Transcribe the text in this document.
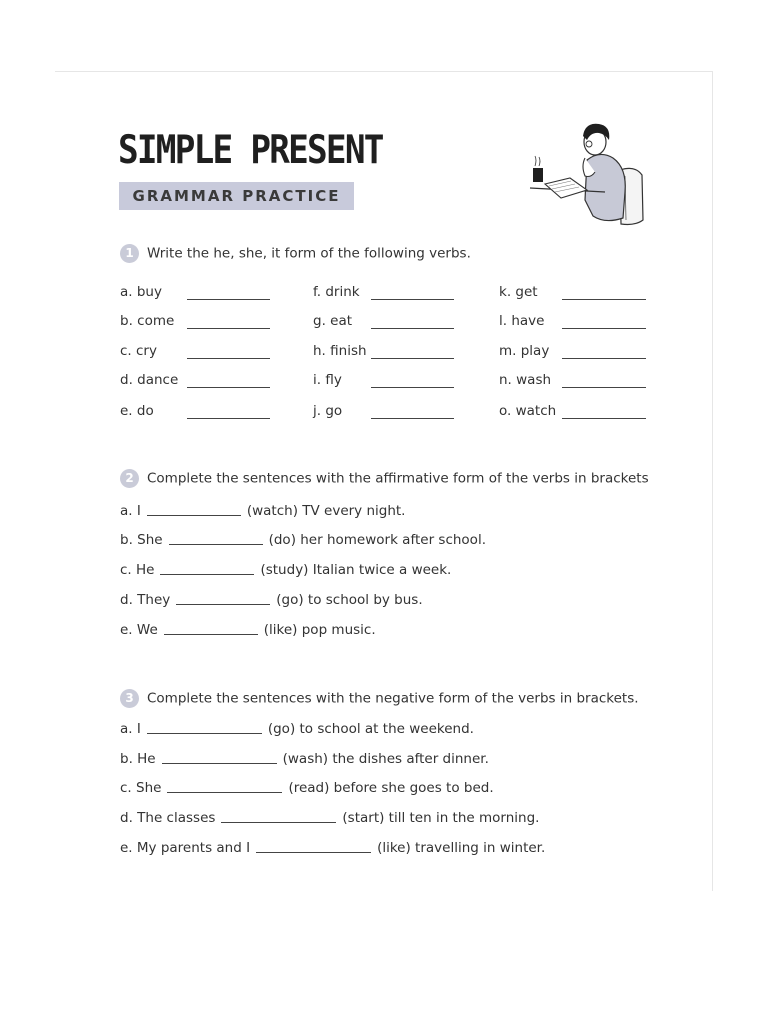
SIMPLE PRESENT
GRAMMAR PRACTICE
1 Write the he, she, it form of the following verbs.
a. buy
b. come
c. cry
d. dance
e. do
f. drink
g. eat
h. finish
i. fly
j. go
k. get
l. have
m. play
n. wash
o. watch
2 Complete the sentences with the affirmative form of the verbs in brackets
a. I	(watch) TV every night.
b. She	(do) her homework after school.
c. He	(study) Italian twice a week.
d. They	(go) to school by bus.
e. We	(like) pop music.
3 Complete the sentences with the negative form of the verbs in brackets.
a. I	(go) to school at the weekend.
b. He	(wash) the dishes after dinner.
c. She	(read) before she goes to bed.
d. The classes	(start) till ten in the morning.
e. My parents and I	(like) travelling in winter.
